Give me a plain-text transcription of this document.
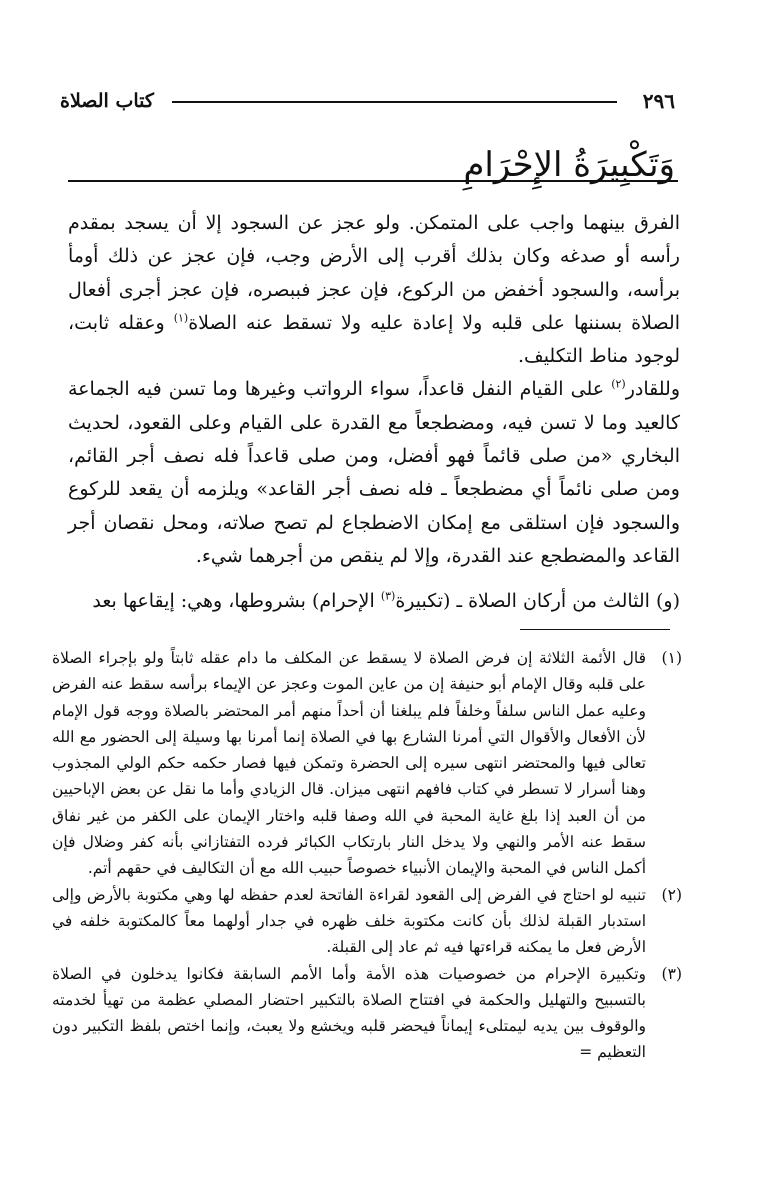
٢٩٦
كتاب الصلاة
وَتَكْبِيرَةُ الإِحْرَامِ

الفرق بينهما واجب على المتمكن. ولو عجز عن السجود إلا أن يسجد بمقدم رأسه أو صدغه وكان بذلك أقرب إلى الأرض وجب، فإن عجز عن ذلك أومأ برأسه، والسجود أخفض من الركوع، فإن عجز فببصره، فإن عجز أجرى أفعال الصلاة بسننها على قلبه ولا إعادة عليه ولا تسقط عنه الصلاة$^{(١)}$ وعقله ثابت، لوجود مناط التكليف.

وللقادر$^{(٢)}$ على القيام النفل قاعداً، سواء الرواتب وغيرها وما تسن فيه الجماعة كالعيد وما لا تسن فيه، ومضطجعاً مع القدرة على القيام وعلى القعود، لحديث البخاري «من صلى قائماً فهو أفضل، ومن صلى قاعداً فله نصف أجر القائم، ومن صلى نائماً أي مضطجعاً ـ فله نصف أجر القاعد» ويلزمه أن يقعد للركوع والسجود فإن استلقى مع إمكان الاضطجاع لم تصح صلاته، ومحل نقصان أجر القاعد والمضطجع عند القدرة، وإلا لم ينقص من أجرهما شيء.

(و) الثالث من أركان الصلاة ـ (تكبيرة$^{(٣)}$ الإحرام) بشروطها، وهي: إيقاعها بعد
(١)
قال الأئمة الثلاثة إن فرض الصلاة لا يسقط عن المكلف ما دام عقله ثابتاً ولو بإجراء الصلاة على قلبه وقال الإمام أبو حنيفة إن من عاين الموت وعجز عن الإيماء برأسه سقط عنه الفرض وعليه عمل الناس سلفاً وخلفاً فلم يبلغنا أن أحداً منهم أمر المحتضر بالصلاة ووجه قول الإمام لأن الأفعال والأقوال التي أمرنا الشارع بها في الصلاة إنما أمرنا بها وسيلة إلى الحضور مع الله تعالى فيها والمحتضر انتهى سيره إلى الحضرة وتمكن فيها فصار حكمه حكم الولي المجذوب وهنا أسرار لا تسطر في كتاب فافهم انتهى ميزان. قال الزيادي وأما ما نقل عن بعض الإباحيين من أن العبد إذا بلغ غاية المحبة في الله وصفا قلبه واختار الإيمان على الكفر من غير نفاق سقط عنه الأمر والنهي ولا يدخل النار بارتكاب الكبائر فرده التفتازاني بأنه كفر وضلال فإن أكمل الناس في المحبة والإيمان الأنبياء خصوصاً حبيب الله مع أن التكاليف في حقهم أتم.
(٢)
تنبيه لو احتاج في الفرض إلى القعود لقراءة الفاتحة لعدم حفظه لها وهي مكتوبة بالأرض وإلى استدبار القبلة لذلك بأن كانت مكتوبة خلف ظهره في جدار أولهما معاً كالمكتوبة خلفه في الأرض فعل ما يمكنه قراءتها فيه ثم عاد إلى القبلة.
(٣)
وتكبيرة الإحرام من خصوصيات هذه الأمة وأما الأمم السابقة فكانوا يدخلون في الصلاة بالتسبيح والتهليل والحكمة في افتتاح الصلاة بالتكبير احتضار المصلي عظمة من تهيأ لخدمته والوقوف بين يديه ليمتلىء إيماناً فيحضر قلبه ويخشع ولا يعبث، وإنما اختص بلفظ التكبير دون التعظيم =
